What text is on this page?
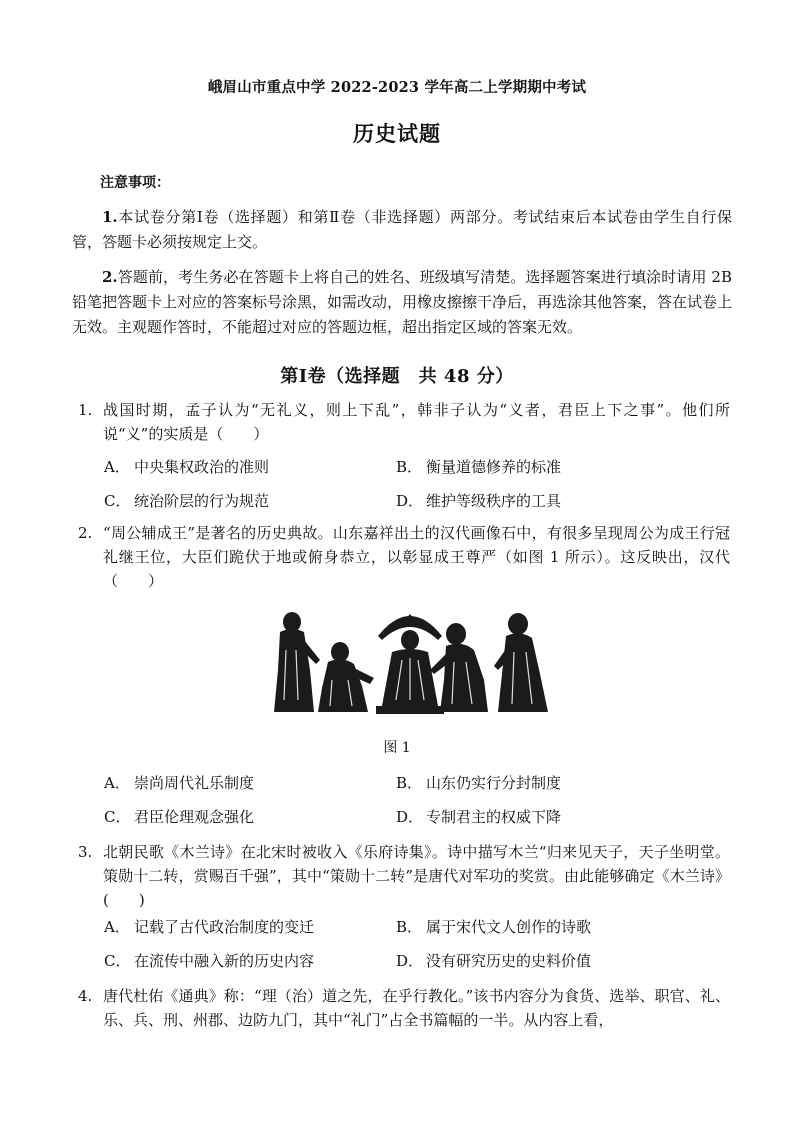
峨眉山市重点中学 2022-2023 学年高二上学期期中考试
历史试题
注意事项：
1.本试卷分第Ⅰ卷（选择题）和第Ⅱ卷（非选择题）两部分。考试结束后本试卷由学生自行保管，答题卡必须按规定上交。
2.答题前，考生务必在答题卡上将自己的姓名、班级填写清楚。选择题答案进行填涂时请用 2B 铅笔把答题卡上对应的答案标号涂黑，如需改动，用橡皮擦擦干净后，再选涂其他答案，答在试卷上无效。主观题作答时，不能超过对应的答题边框，超出指定区域的答案无效。
第Ⅰ卷（选择题　共 48 分）
1. 战国时期，孟子认为“无礼义，则上下乱”，韩非子认为“义者，君臣上下之事”。他们所说“义”的实质是（　　）
A． 中央集权政治的准则	B． 衡量道德修养的标准
C． 统治阶层的行为规范	D． 维护等级秩序的工具
2. “周公辅成王”是著名的历史典故。山东嘉祥出土的汉代画像石中，有很多呈现周公为成王行冠礼继王位，大臣们跪伏于地或俯身恭立，以彰显成王尊严（如图 1 所示）。这反映出，汉代（　　）
图 1
A． 崇尚周代礼乐制度	B． 山东仍实行分封制度
C． 君臣伦理观念强化	D． 专制君主的权威下降
3. 北朝民歌《木兰诗》在北宋时被收入《乐府诗集》。诗中描写木兰“归来见天子，天子坐明堂。策勋十二转，赏赐百千强”，其中“策勋十二转”是唐代对军功的奖赏。由此能够确定《木兰诗》(　　)
A． 记载了古代政治制度的变迁	B． 属于宋代文人创作的诗歌
C． 在流传中融入新的历史内容	D． 没有研究历史的史料价值
4. 唐代杜佑《通典》称：“理（治）道之先，在乎行教化。”该书内容分为食货、选举、职官、礼、乐、兵、刑、州郡、边防九门，其中“礼门”占全书篇幅的一半。从内容上看，
